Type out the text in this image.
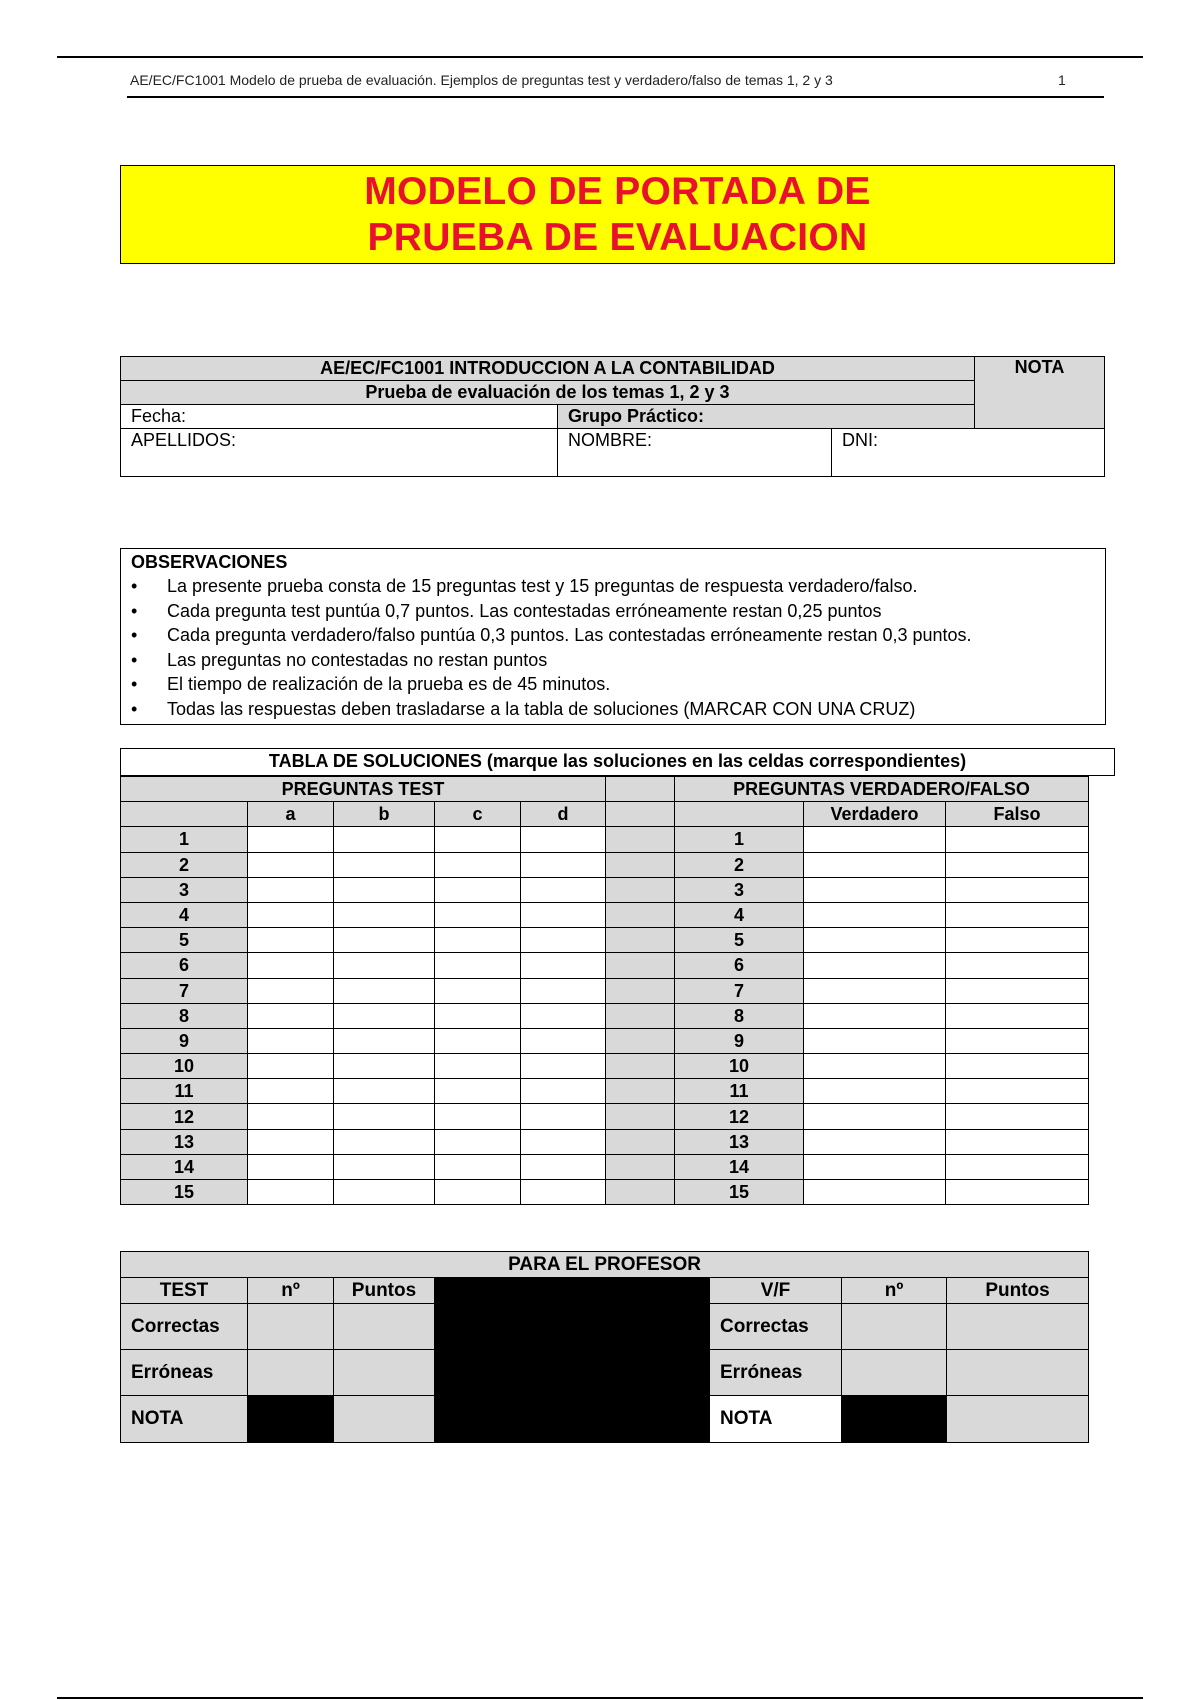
AE/EC/FC1001 Modelo de prueba de evaluación. Ejemplos de preguntas test y verdadero/falso de temas 1, 2 y 3	1
MODELO DE PORTADA DE
PRUEBA DE EVALUACION
AE/EC/FC1001 INTRODUCCION A LA CONTABILIDAD			NOTA
Prueba de evaluación de los temas 1, 2 y 3			
Fecha:	Grupo Práctico:		
APELLIDOS:	NOMBRE:	DNI:	
OBSERVACIONES
• La presente prueba consta de 15 preguntas test y 15 preguntas de respuesta verdadero/falso.
• Cada pregunta test puntúa 0,7 puntos. Las contestadas erróneamente restan 0,25 puntos
• Cada pregunta verdadero/falso puntúa 0,3 puntos. Las contestadas erróneamente restan 0,3 puntos.
• Las preguntas no contestadas no restan puntos
• El tiempo de realización de la prueba es de 45 minutos.
• Todas las respuestas deben trasladarse a la tabla de soluciones (MARCAR CON UNA CRUZ)
TABLA DE SOLUCIONES (marque las soluciones en las celdas correspondientes)
PREGUNTAS TEST						PREGUNTAS VERDADERO/FALSO		
	a	b	c	d			Verdadero	Falso
1						1		
2						2		
3						3		
4						4		
5						5		
6						6		
7						7		
8						8		
9						9		
10						10		
11						11		
12						12		
13						13		
14						14		
15						15		
PARA EL PROFESOR								
TEST	nº	Puntos				V/F	nº	Puntos
Correctas						Correctas		
Erróneas						Erróneas		
NOTA						NOTA		
